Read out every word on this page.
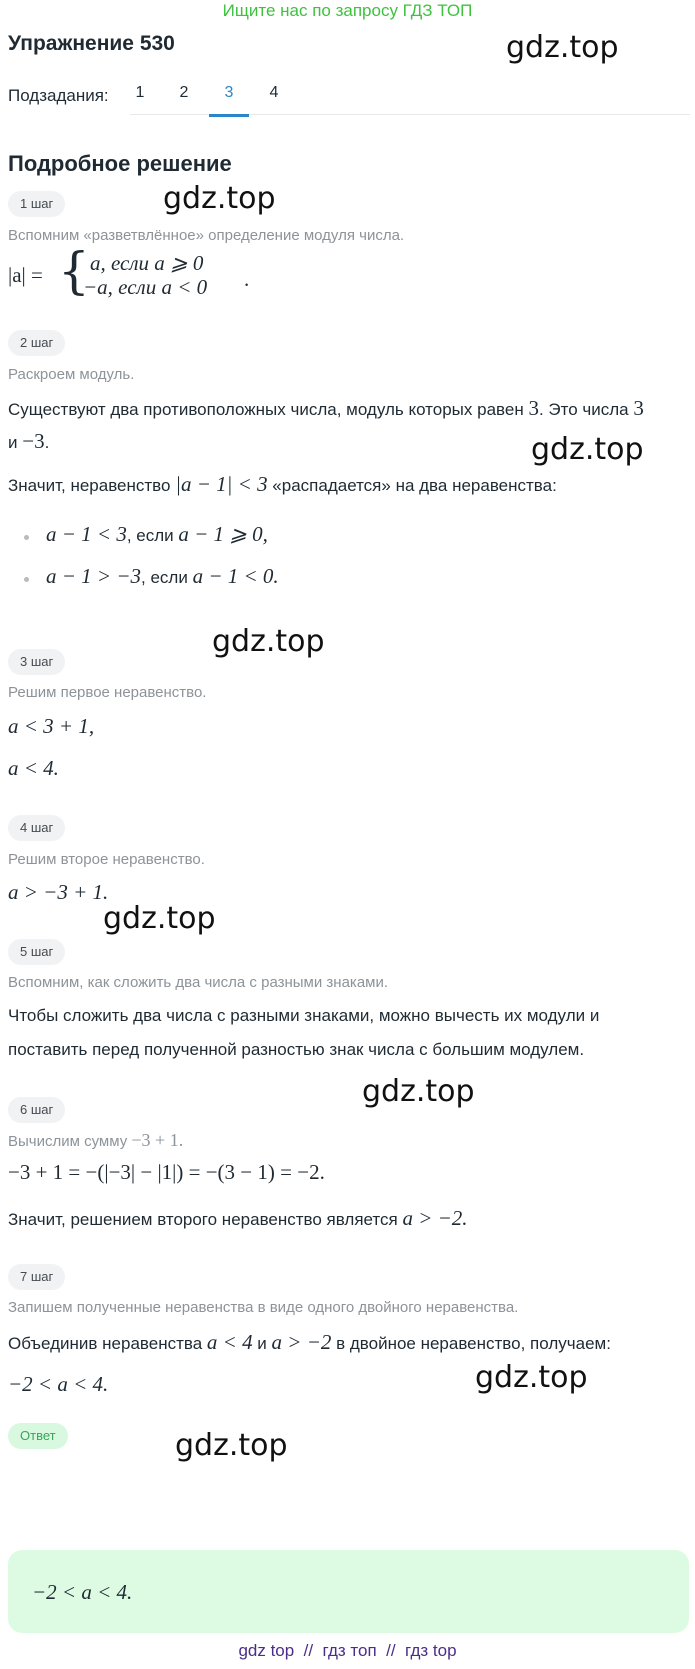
Ищите нас по запросу ГДЗ ТОП
Упражнение 530	gdz.top
Подзадания:	1	2	3	4
Подробное решение
1 шаг	gdz.top
Вспомним «разветвлённое» определение модуля числа.
|a| = { a, если a ⩾ 0
−a, если a < 0 .
2 шаг
Раскроем модуль.
Существуют два противоположных числа, модуль которых равен 3. Это числа 3
и −3.	gdz.top
Значит, неравенство |a − 1| < 3 «распадается» на два неравенства:
a − 1 < 3, если a − 1 ⩾ 0,
a − 1 > −3, если a − 1 < 0.
gdz.top
3 шаг
Решим первое неравенство.
a < 3 + 1,
a < 4.
4 шаг
Решим второе неравенство.
a > −3 + 1.
gdz.top
5 шаг
Вспомним, как сложить два числа с разными знаками.
Чтобы сложить два числа с разными знаками, можно вычесть их модули и
поставить перед полученной разностью знак числа с большим модулем.
gdz.top
6 шаг
Вычислим сумму −3 + 1.
−3 + 1 = −(|−3| − |1|) = −(3 − 1) = −2.
Значит, решением второго неравенство является a > −2.
7 шаг
Запишем полученные неравенства в виде одного двойного неравенства.
Объединив неравенства a < 4 и a > −2 в двойное неравенство, получаем:
−2 < a < 4.	gdz.top
Ответ	gdz.top
−2 < a < 4.
gdz top  //  гдз топ  //  гдз top
